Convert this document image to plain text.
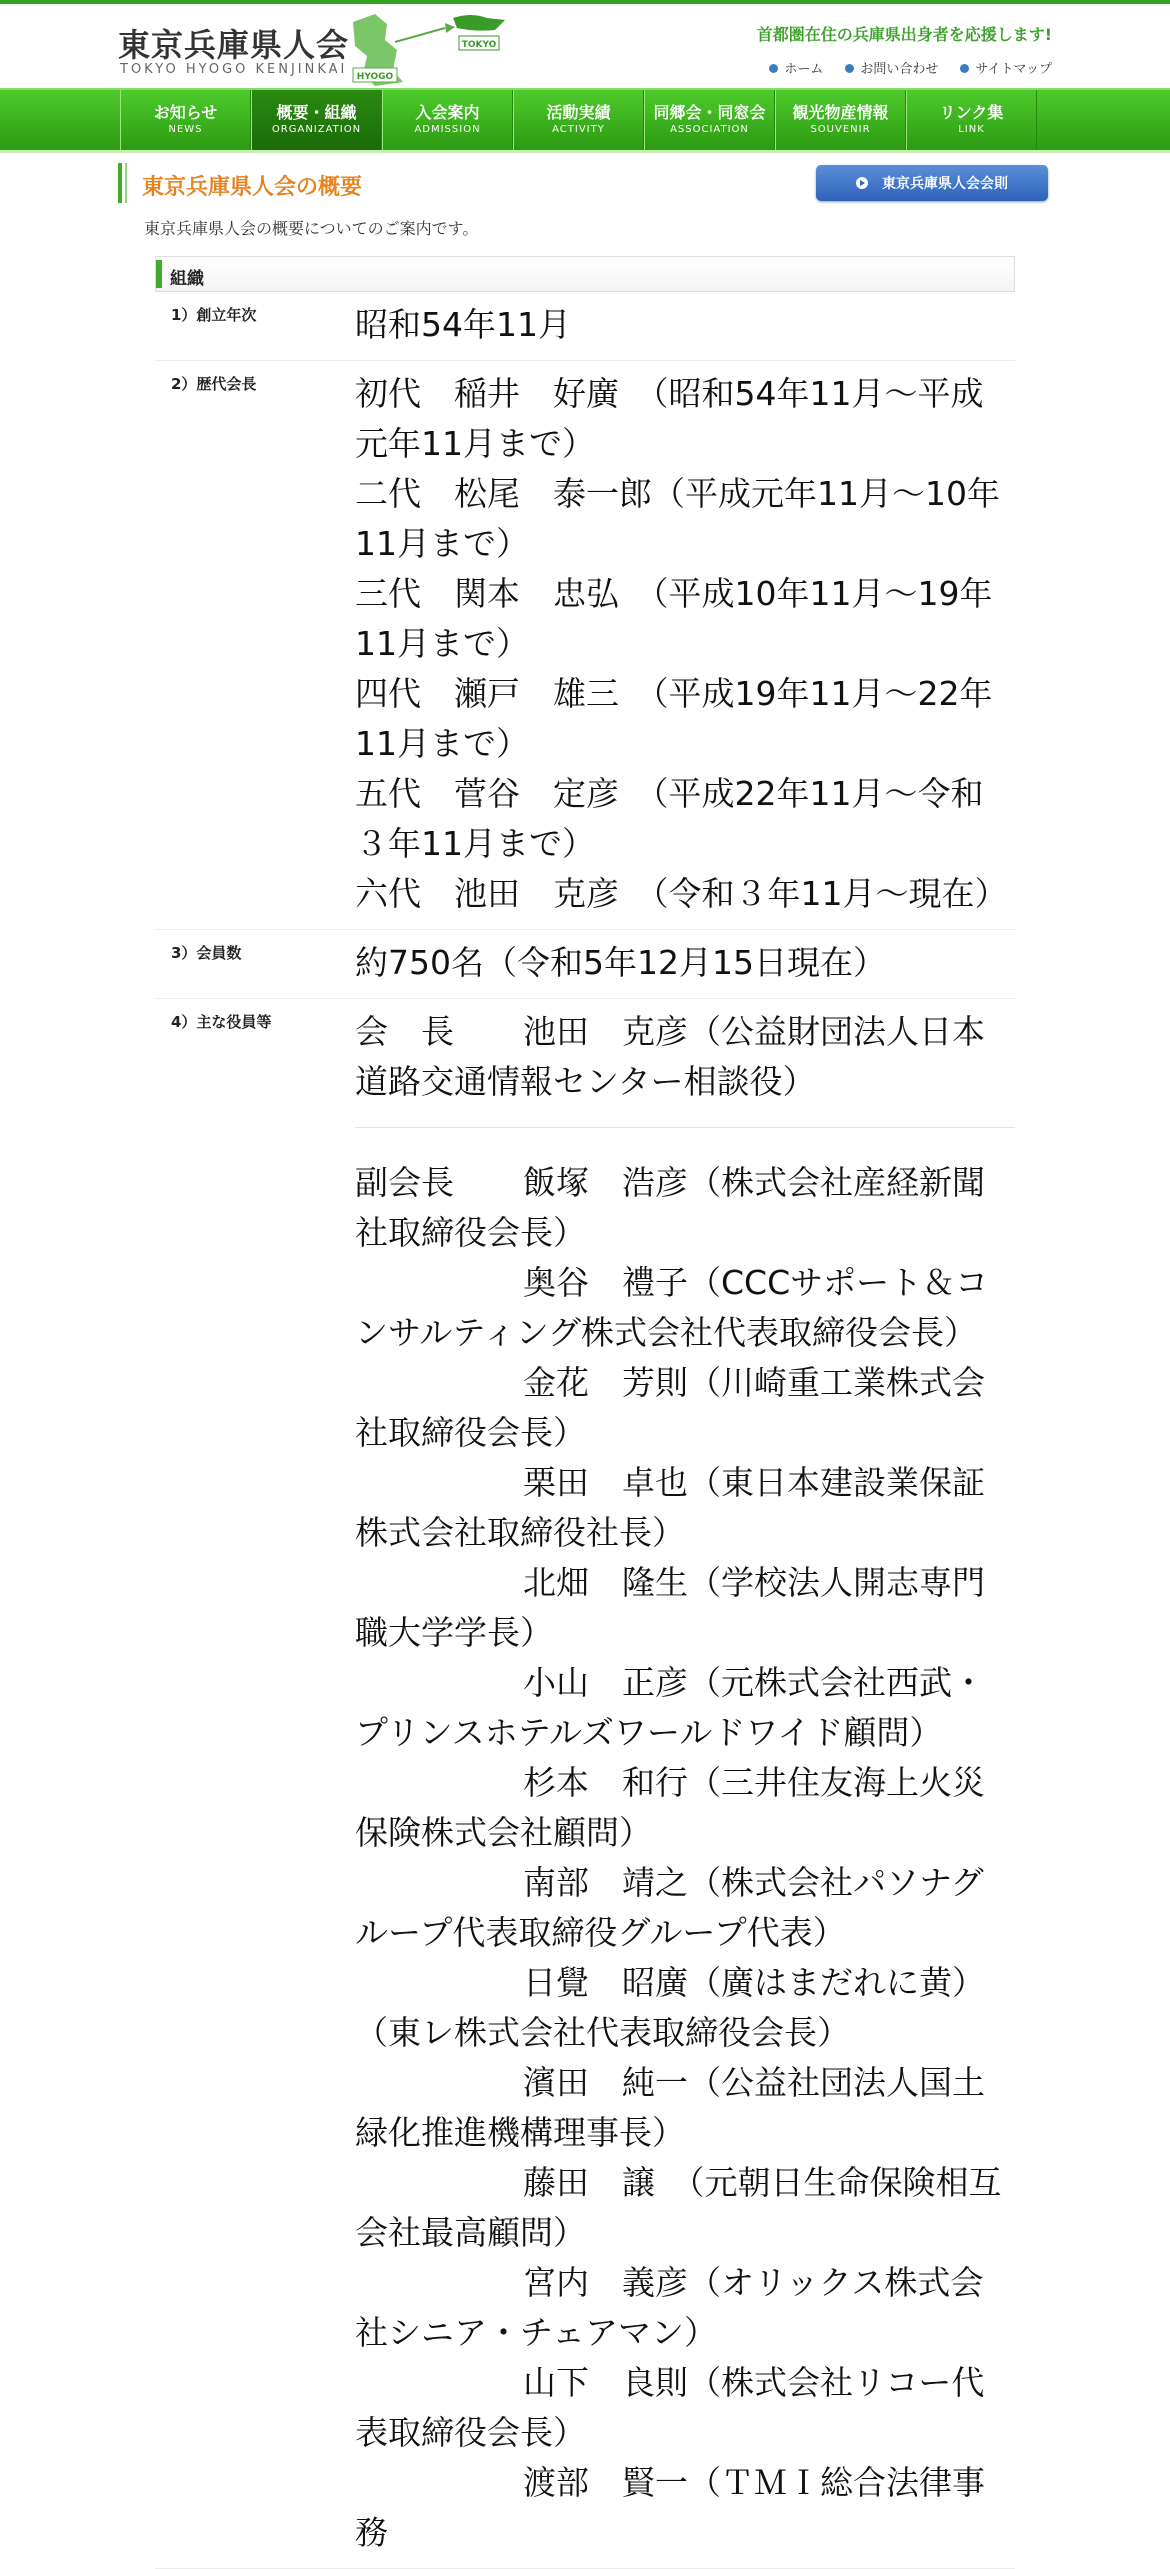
東京兵庫県人会
TOKYO HYOGO KENJINKAI HYOGO
TOKYO
首都圏在住の兵庫県出身者を応援します!
ホーム	お問い合わせ	サイトマップ
お知らせ
NEWS
概要・組織
ORGANIZATION
入会案内
ADMISSION
活動実績
ACTIVITY
同郷会・同窓会
ASSOCIATION
観光物産情報
SOUVENIR
リンク集
LINK
東京兵庫県人会の概要	東京兵庫県人会会則
東京兵庫県人会の概要についてのご案内です。
組織
1）創立年次	昭和54年11月
2）歴代会長	初代　稲井　好廣　（昭和54年11月～平成元年11月まで）
二代　松尾　泰一郎（平成元年11月～10年11月まで）
三代　関本　忠弘　（平成10年11月～19年11月まで）
四代　瀬戸　雄三　（平成19年11月～22年11月まで）
五代　菅谷　定彦　（平成22年11月～令和３年11月まで）
六代　池田　克彦　（令和３年11月～現在）
3）会員数	約750名（令和5年12月15日現在）
4）主な役員等	会　長 池田　克彦（公益財団法人日本道路交通情報センター相談役）
副会長 飯塚　浩彦（株式会社産経新聞社取締役会長）
奥谷　禮子（CCCサポート＆コンサルティング株式会社代表取締役会長）
金花　芳則（川崎重工業株式会社取締役会長）
栗田　卓也（東日本建設業保証株式会社取締役社長）
北畑　隆生（学校法人開志専門職大学学長）
小山　正彦（元株式会社西武・プリンスホテルズワールドワイド顧問）
杉本　和行（三井住友海上火災保険株式会社顧問）
南部　靖之（株式会社パソナグループ代表取締役グループ代表）
日覺　昭廣（廣はまだれに黄）（東レ株式会社代表取締役会長）
濱田　純一（公益社団法人国土緑化推進機構理事長）
藤田　譲　（元朝日生命保険相互会社最高顧問）
宮内　義彦（オリックス株式会社シニア・チェアマン）
山下　良則（株式会社リコー代表取締役会長）
渡部　賢一（ＴＭＩ総合法律事務
